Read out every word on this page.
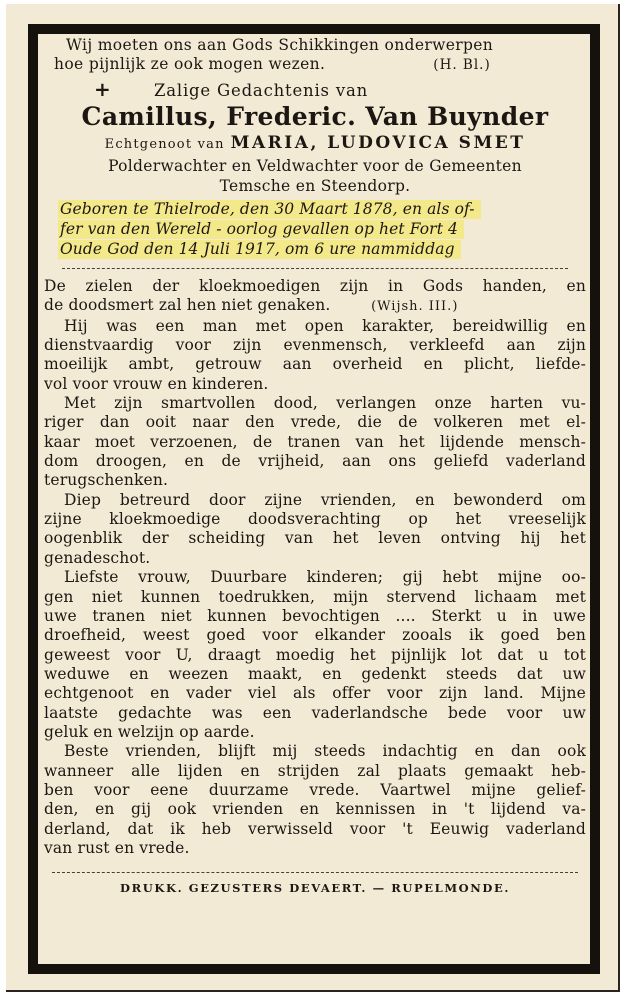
Wij moeten ons aan Gods Schikkingen onderwerpen

hoe pijnlijk ze ook mogen wezen.	(H. Bl.)

+	Zalige Gedachtenis van

Camillus, Frederic. Van Buynder

Echtgenoot van MARIA, LUDOVICA SMET

Polderwachter en Veldwachter voor de Gemeenten

Temsche en Steendorp.

Geboren te Thielrode, den 30 Maart 1878, en als of-
fer van den Wereld - oorlog gevallen op het Fort 4
Oude God den 14 Juli 1917, om 6 ure nammiddag

De zielen der kloekmoedigen zijn in Gods handen, en

de doodsmert zal hen niet genaken.	(Wijsh. III.)

Hij was een man met open karakter, bereidwillig en

dienstvaardig voor zijn evenmensch, verkleefd aan zijn

moeilijk ambt, getrouw aan overheid en plicht, liefde-

vol voor vrouw en kinderen.

Met zijn smartvollen dood, verlangen onze harten vu-

riger dan ooit naar den vrede, die de volkeren met el-

kaar moet verzoenen, de tranen van het lijdende mensch-

dom droogen, en de vrijheid, aan ons geliefd vaderland

terugschenken.

Diep betreurd door zijne vrienden, en bewonderd om

zijne kloekmoedige doodsverachting op het vreeselijk

oogenblik der scheiding van het leven ontving hij het

genadeschot.

Liefste vrouw, Duurbare kinderen; gij hebt mijne oo-

gen niet kunnen toedrukken, mijn stervend lichaam met

uwe tranen niet kunnen bevochtigen .... Sterkt u in uwe

droefheid, weest goed voor elkander zooals ik goed ben

geweest voor U, draagt moedig het pijnlijk lot dat u tot

weduwe en weezen maakt, en gedenkt steeds dat uw

echtgenoot en vader viel als offer voor zijn land. Mijne

laatste gedachte was een vaderlandsche bede voor uw

geluk en welzijn op aarde.

Beste vrienden, blijft mij steeds indachtig en dan ook

wanneer alle lijden en strijden zal plaats gemaakt heb-

ben voor eene duurzame vrede. Vaartwel mijne gelief-

den, en gij ook vrienden en kennissen in 't lijdend va-

derland, dat ik heb verwisseld voor 't Eeuwig vaderland

van rust en vrede.

DRUKK. GEZUSTERS DEVAERT. — RUPELMONDE.
